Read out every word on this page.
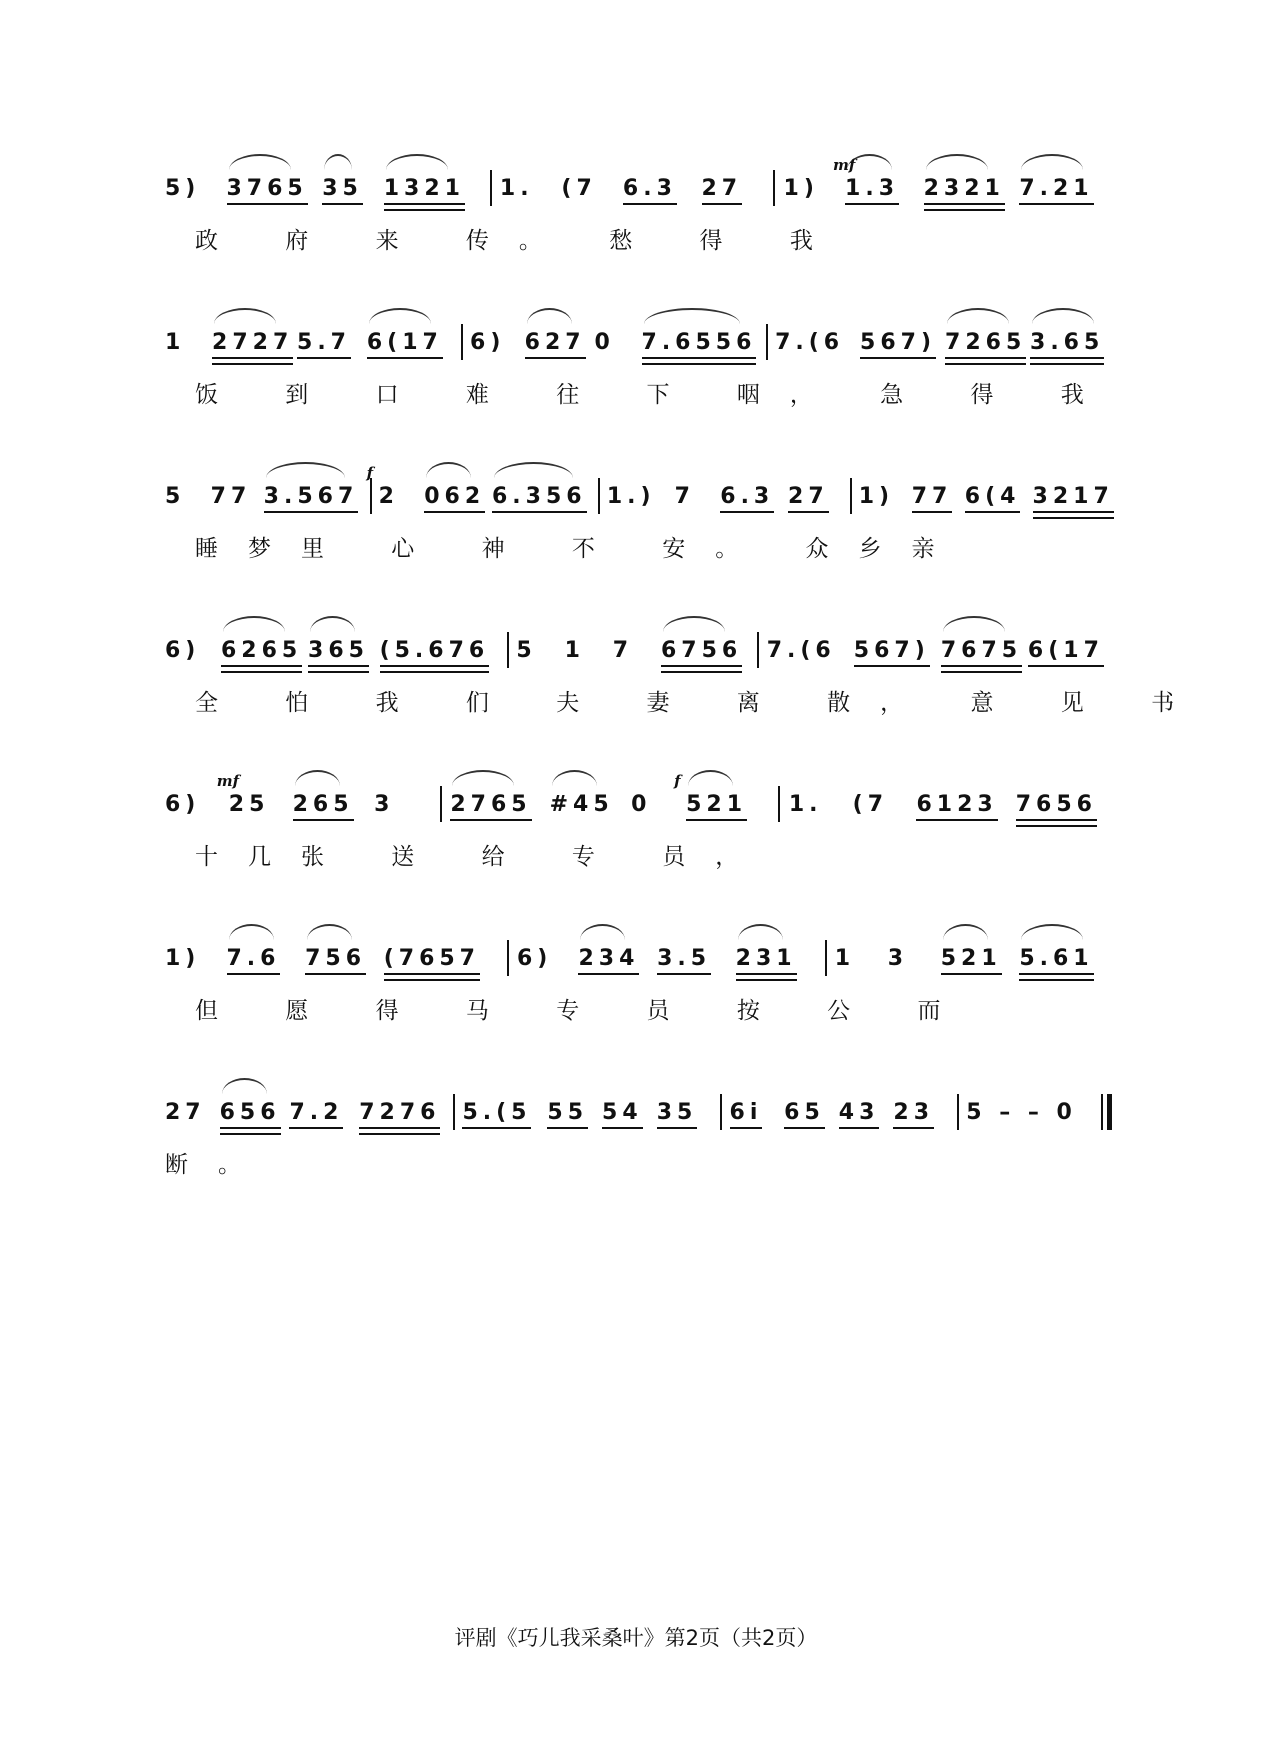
5) 3765 35 1321 1. (7 6.3 27 1) 1.3
mf
2321 7.21
政 府 来 传。 愁 得 我
1 2727 5.7 6(17 6) 627 0 7.6556 7.(6 567) 7265 3.65
饭 到 口 难 往 下 咽， 急 得 我
5 77 3.567 2
f
062 6.356 1.) 7 6.3 27 1) 77 6(4 3217
睡梦里 心 神 不 安。 众乡亲
6) 6265 365 (5.676 5 1 7 6756 7.(6 567) 7675 6(17
全 怕 我 们 夫 妻 离 散， 意 见 书
6) 25
mf
265 3	2765 #45 0 521
f
1. (7 6123 7656
十几张 送 给 专 员，
1) 7.6 756 (7657 6) 234 3.5 231 1 3 521 5.61
但 愿 得 马 专 员 按 公 而
27 656 7.2 7276 5.(5 55 54 35 6i 65 43 23 5 – – 0
断。
评剧《巧儿我采桑叶》第2页（共2页）
